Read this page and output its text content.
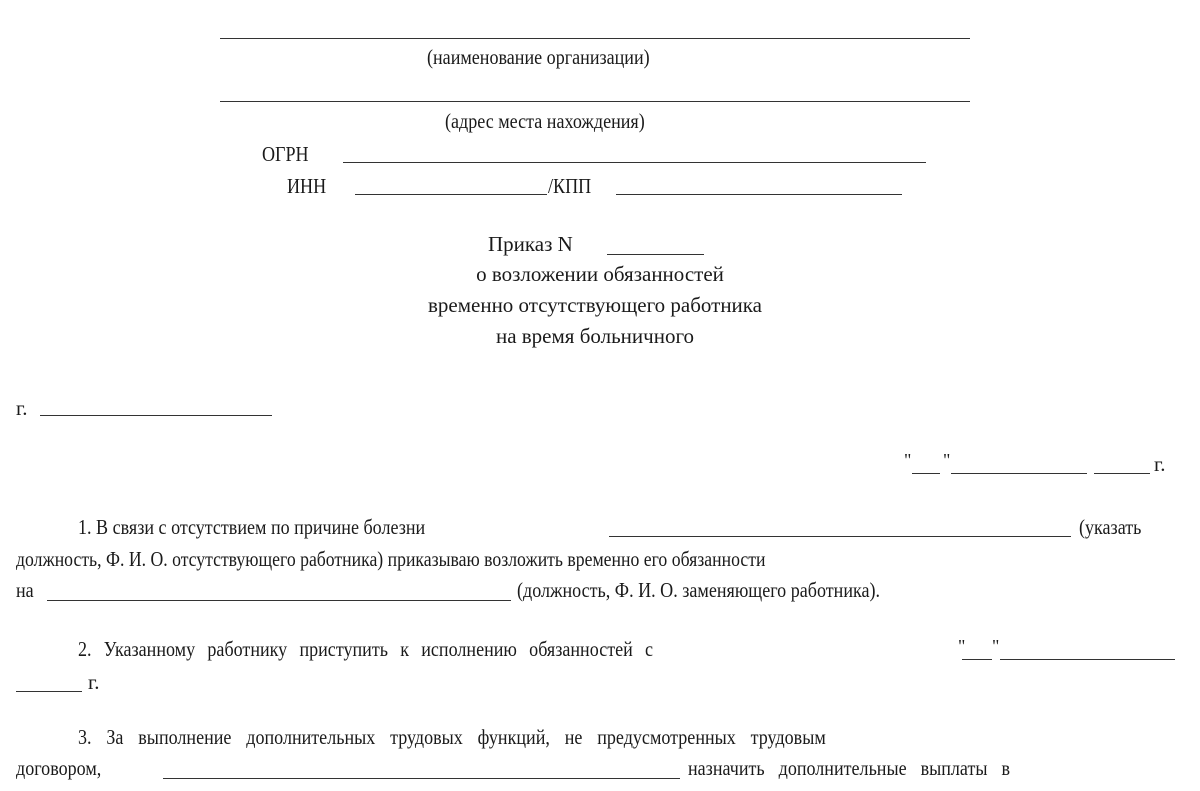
(наименование организации)
(адрес места нахождения)
ОГРН
ИНН	/КПП
Приказ N
о возложении обязанностей
временно отсутствующего работника
на время больничного
г.
" "	г.
1. В связи с отсутствием по причине болезни	(указать
должность, Ф. И. О. отсутствующего работника) приказываю возложить временно его обязанности
на	(должность, Ф. И. О. заменяющего работника).
2. Указанному работнику приступить к исполнению обязанностей с	" "
г.
3. За выполнение дополнительных трудовых функций, не предусмотренных трудовым
договором,	назначить дополнительные выплаты в
